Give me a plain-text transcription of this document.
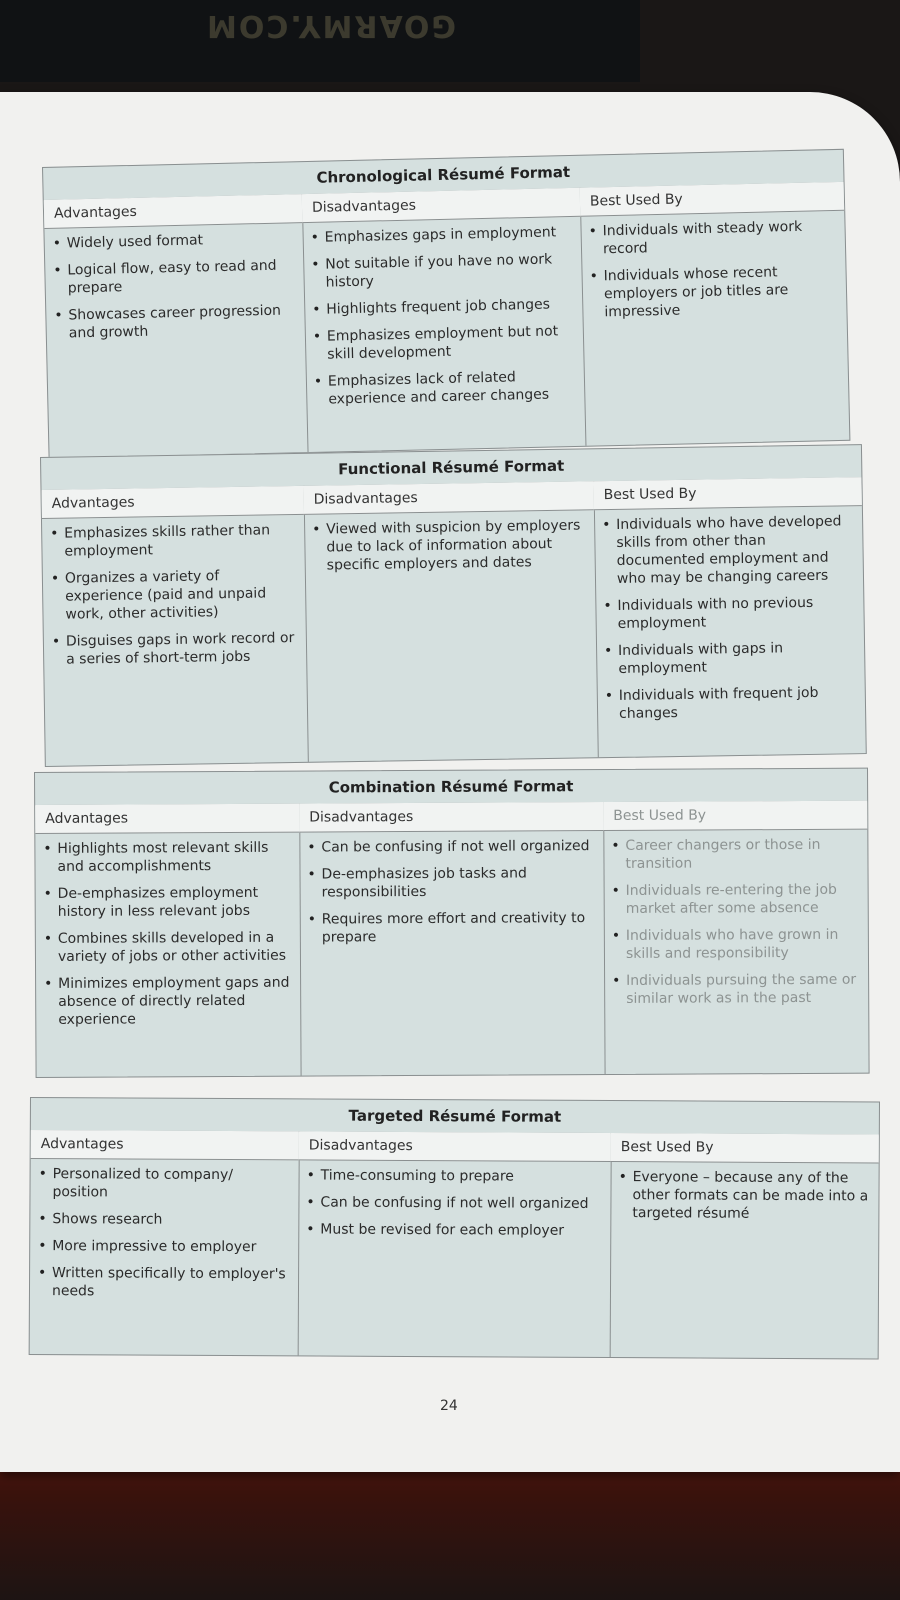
GOARMY.COM
Chronological Résumé Format
Advantages
• Widely used format
• Logical flow, easy to read and prepare
• Showcases career progression and growth
Disadvantages
• Emphasizes gaps in employment
• Not suitable if you have no work history
• Highlights frequent job changes
• Emphasizes employment but not skill development
• Emphasizes lack of related experience and career changes
Best Used By
• Individuals with steady work record
• Individuals whose recent employers or job titles are impressive
Functional Résumé Format
Advantages
• Emphasizes skills rather than employment
• Organizes a variety of experience (paid and unpaid work, other activities)
• Disguises gaps in work record or a series of short-term jobs
Disadvantages
• Viewed with suspicion by employers due to lack of information about specific employers and dates
Best Used By
• Individuals who have developed skills from other than documented employment and who may be changing careers
• Individuals with no previous employment
• Individuals with gaps in employment
• Individuals with frequent job changes
Combination Résumé Format
Advantages
• Highlights most relevant skills and accomplishments
• De-emphasizes employment history in less relevant jobs
• Combines skills developed in a variety of jobs or other activities
• Minimizes employment gaps and absence of directly related experience
Disadvantages
• Can be confusing if not well organized
• De-emphasizes job tasks and responsibilities
• Requires more effort and creativity to prepare
Best Used By
• Career changers or those in transition
• Individuals re-entering the job market after some absence
• Individuals who have grown in skills and responsibility
• Individuals pursuing the same or similar work as in the past
Targeted Résumé Format
Advantages
• Personalized to company/ position
• Shows research
• More impressive to employer
• Written specifically to employer's needs
Disadvantages
• Time-consuming to prepare
• Can be confusing if not well organized
• Must be revised for each employer
Best Used By
• Everyone – because any of the other formats can be made into a targeted résumé
24
